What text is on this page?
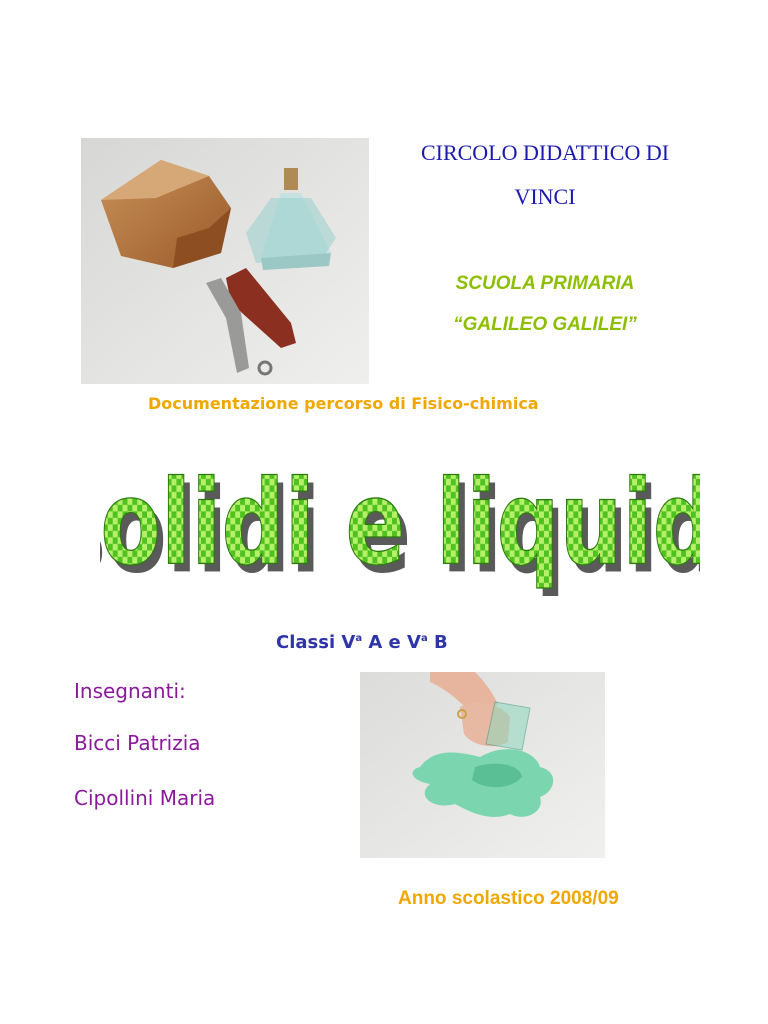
CIRCOLO DIDATTICO DI
VINCI
SCUOLA PRIMARIA
“GALILEO GALILEI”
Documentazione percorso di Fisico-chimica
olidi e liqui
olidi e liqui
Classi $V^a$ A e $V^a$ B
Insegnanti:
Bicci Patrizia
Cipollini Maria
Anno scolastico 2008/09
